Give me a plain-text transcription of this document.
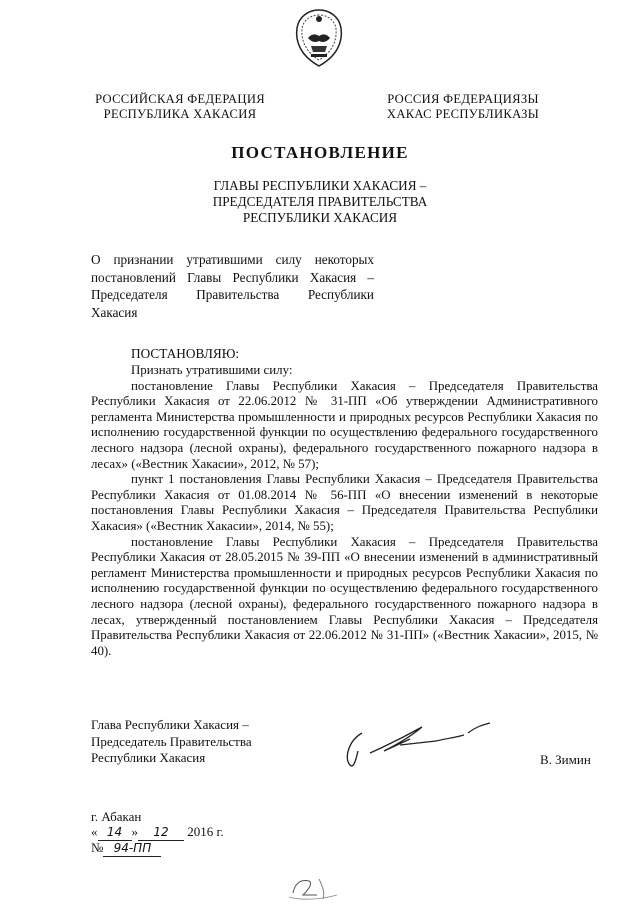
РОССИЙСКАЯ ФЕДЕРАЦИЯ
РЕСПУБЛИКА ХАКАСИЯ
РОССИЯ ФЕДЕРАЦИЯЗЫ
ХАКАС РЕСПУБЛИКАЗЫ
ПОСТАНОВЛЕНИЕ
ГЛАВЫ РЕСПУБЛИКИ ХАКАСИЯ –
ПРЕДСЕДАТЕЛЯ ПРАВИТЕЛЬСТВА
РЕСПУБЛИКИ ХАКАСИЯ

О признании утратившими силу некоторых

постановлений Главы Республики Хакасия –

Председателя Правительства Республики

Хакасия

ПОСТАНОВЛЯЮ:

Признать утратившими силу:

постановление Главы Республики Хакасия – Председателя Правительства Республики Хакасия от 22.06.2012 № 31-ПП «Об утверждении Административного регламента Министерства промышленности и природных ресурсов Республики Хакасия по исполнению государственной функции по осуществлению федерального государственного лесного надзора (лесной охраны), федерального государственного пожарного надзора в лесах» («Вестник Хакасии», 2012, № 57);

пункт 1 постановления Главы Республики Хакасия – Председателя Правительства Республики Хакасия от 01.08.2014 № 56-ПП «О внесении изменений в некоторые постановления Главы Республики Хакасия – Председателя Правительства Республики Хакасия» («Вестник Хакасии», 2014, № 55);

постановление Главы Республики Хакасия – Председателя Правительства Республики Хакасия от 28.05.2015 № 39-ПП «О внесении изменений в административный регламент Министерства промышленности и природных ресурсов Республики Хакасия по исполнению государственной функции по осуществлению федерального государственного лесного надзора (лесной охраны), федерального государственного пожарного надзора в лесах, утвержденный постановлением Главы Республики Хакасия – Председателя Правительства Республики Хакасия от 22.06.2012 № 31-ПП» («Вестник Хакасии», 2015, № 40).

Глава Республики Хакасия –

Председатель Правительства

Республики Хакасия	В. Зимин
г. Абакан
« 14 » 12 2016 г.
№ 94-ПП
